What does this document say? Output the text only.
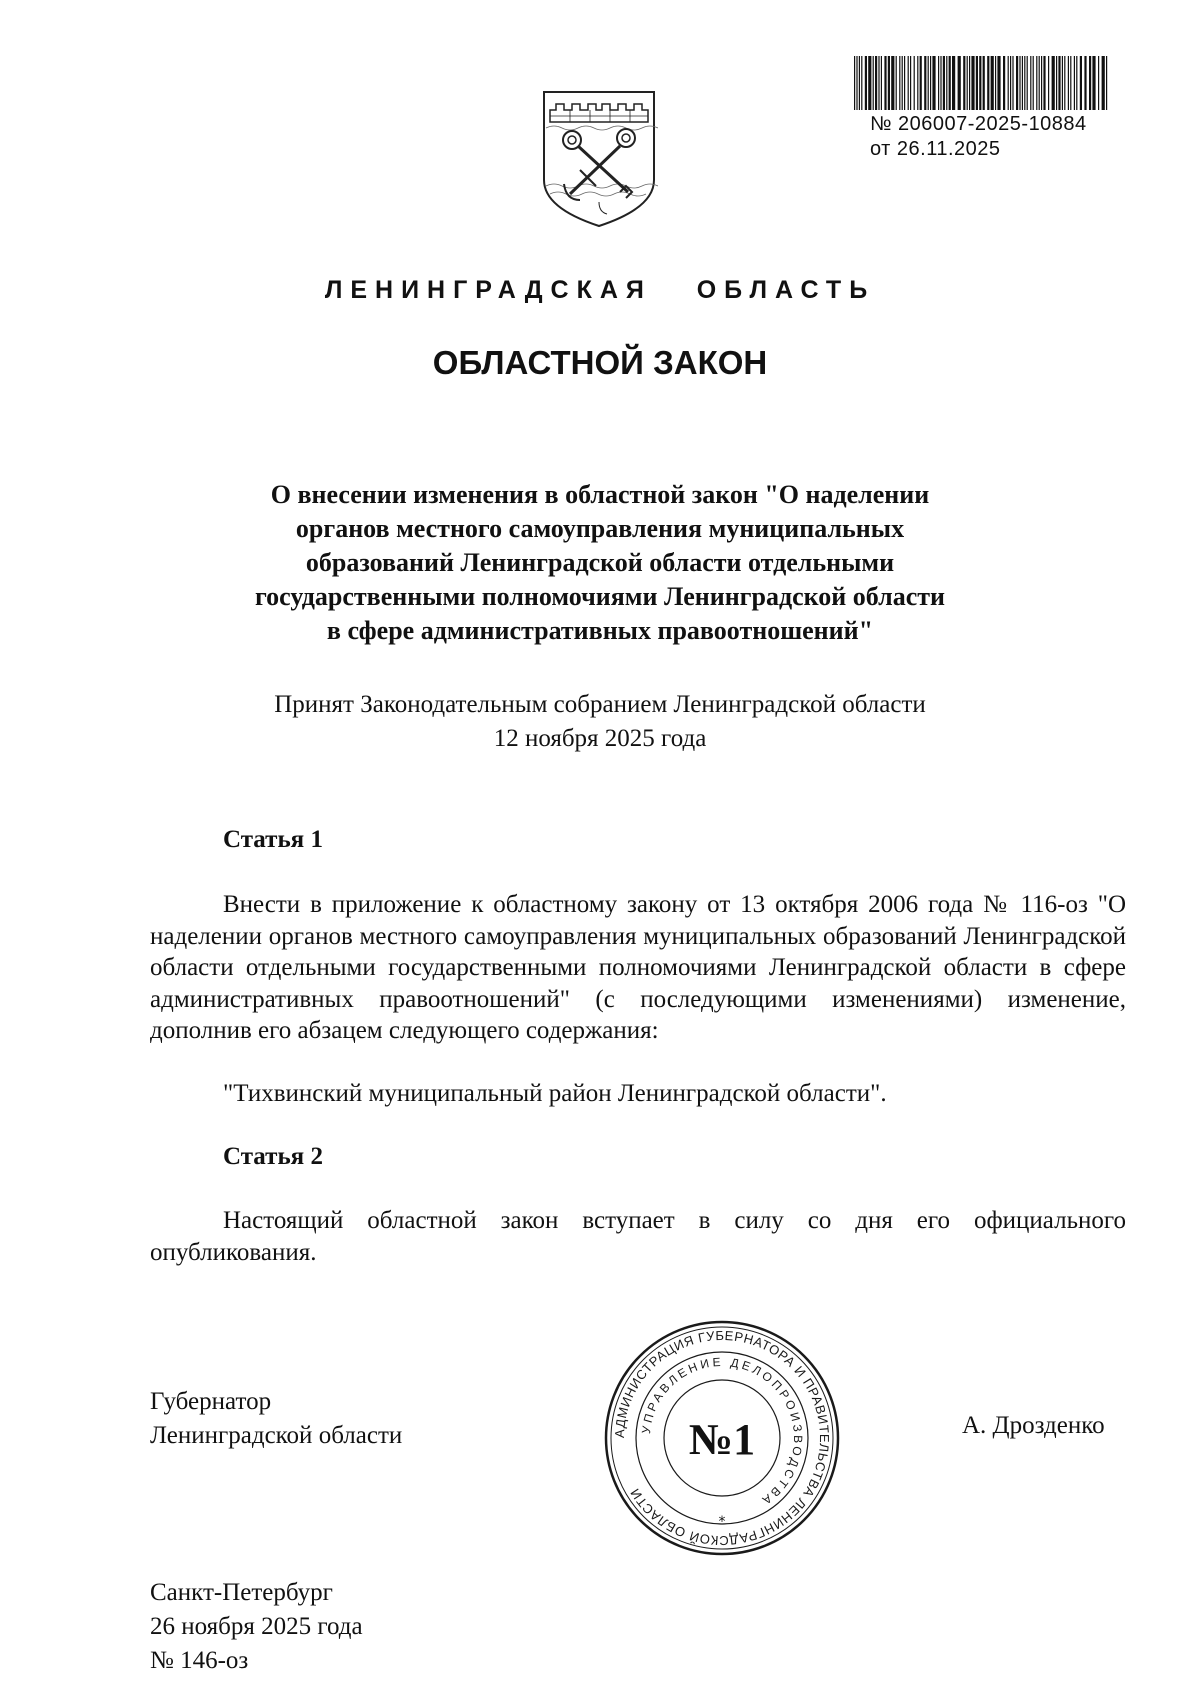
№ 206007-2025-10884
от 26.11.2025
ЛЕНИНГРАДСКАЯ   ОБЛАСТЬ
ОБЛАСТНОЙ ЗАКОН
О внесении изменения в областной закон "О наделении
органов местного самоуправления муниципальных
образований Ленинградской области отдельными
государственными полномочиями Ленинградской области
в сфере административных правоотношений"
Принят Законодательным собранием Ленинградской области
12 ноября 2025 года
Статья 1
Внести в приложение к областному закону от 13 октября 2006 года № 116-оз "О наделении органов местного самоуправления муниципальных образований Ленинградской области отдельными государственными полномочиями Ленинградской области в сфере административных правоотношений" (с последующими изменениями) изменение, дополнив его абзацем следующего содержания:
"Тихвинский муниципальный район Ленинградской области".
Статья 2
Настоящий областной закон вступает в силу со дня его официального опубликования.
Губернатор
Ленинградской области	АДМИНИСТРАЦИЯ ГУБЕРНАТОРА И ПРАВИТЕЛЬСТВА ЛЕНИНГРАДСКОЙ ОБЛАСТИ
УПРАВЛЕНИЕ ДЕЛОПРОИЗВОДСТВА
№1
*
А. Дрозденко
Санкт-Петербург
26 ноября 2025 года
№ 146-оз
